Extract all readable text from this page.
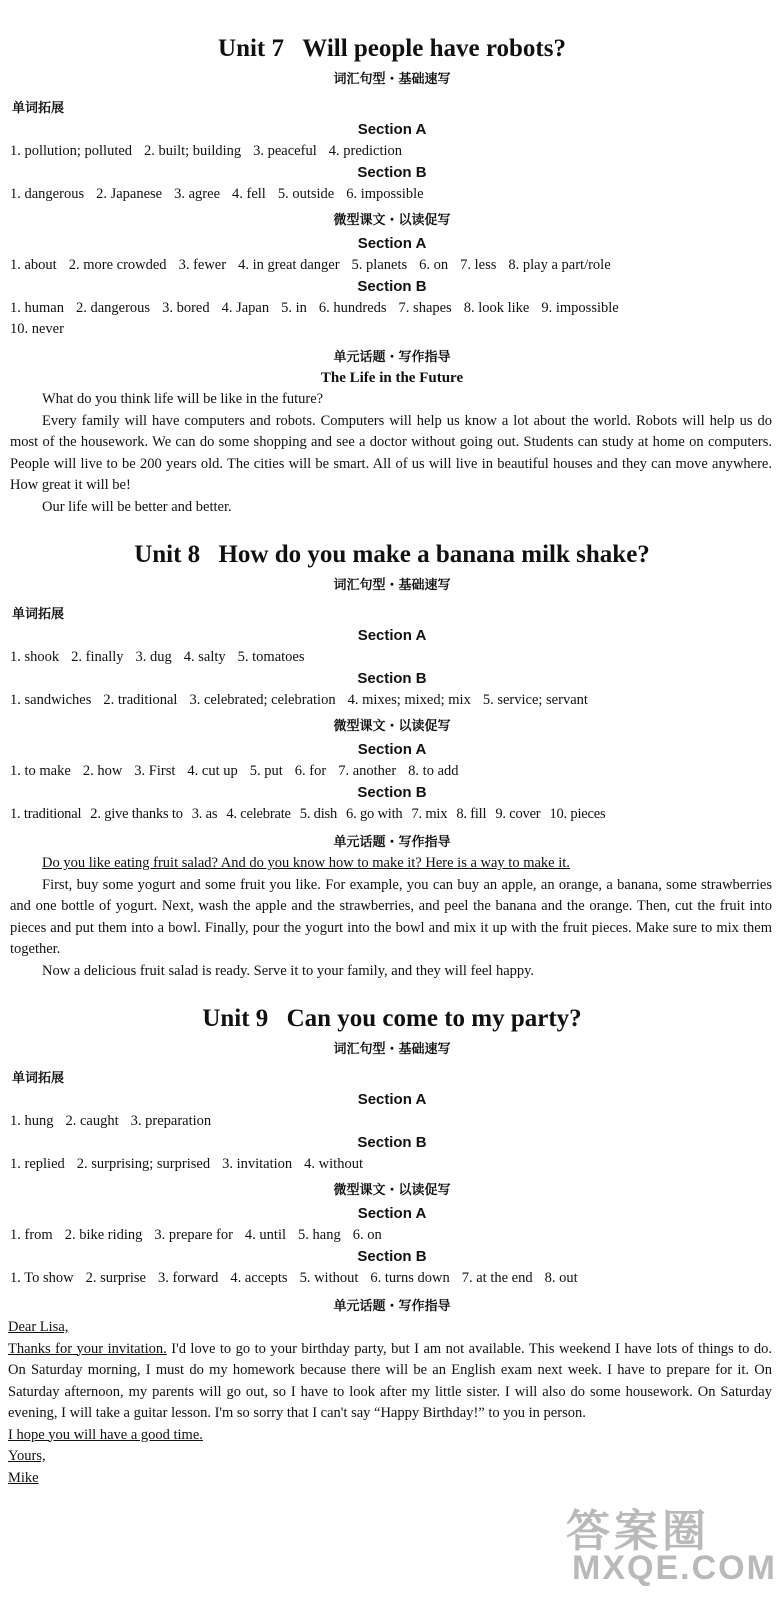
Unit 7 Will people have robots?
词汇句型・基础速写
单词拓展
Section A
1. pollution; polluted 2. built; building 3. peaceful 4. prediction
Section B
1. dangerous 2. Japanese 3. agree 4. fell 5. outside 6. impossible
微型课文・以读促写
Section A
1. about 2. more crowded 3. fewer 4. in great danger 5. planets 6. on 7. less 8. play a part/role
Section B
1. human 2. dangerous 3. bored 4. Japan 5. in 6. hundreds 7. shapes 8. look like 9. impossible
10. never
单元话题・写作指导
The Life in the Future
What do you think life will be like in the future?
Every family will have computers and robots. Computers will help us know a lot about the world. Robots will help us do most of the housework. We can do some shopping and see a doctor without going out. Students can study at home on computers. People will live to be 200 years old. The cities will be smart. All of us will live in beautiful houses and they can move anywhere. How great it will be!
Our life will be better and better.
Unit 8 How do you make a banana milk shake?
词汇句型・基础速写
单词拓展
Section A
1. shook 2. finally 3. dug 4. salty 5. tomatoes
Section B
1. sandwiches 2. traditional 3. celebrated; celebration 4. mixes; mixed; mix 5. service; servant
微型课文・以读促写
Section A
1. to make 2. how 3. First 4. cut up 5. put 6. for 7. another 8. to add
Section B
1. traditional 2. give thanks to 3. as 4. celebrate 5. dish 6. go with 7. mix 8. fill 9. cover 10. pieces
单元话题・写作指导
Do you like eating fruit salad? And do you know how to make it? Here is a way to make it.
First, buy some yogurt and some fruit you like. For example, you can buy an apple, an orange, a banana, some strawberries and one bottle of yogurt. Next, wash the apple and the strawberries, and peel the banana and the orange. Then, cut the fruit into pieces and put them into a bowl. Finally, pour the yogurt into the bowl and mix it up with the fruit pieces. Make sure to mix them together.
Now a delicious fruit salad is ready. Serve it to your family, and they will feel happy.
Unit 9 Can you come to my party?
词汇句型・基础速写
单词拓展
Section A
1. hung 2. caught 3. preparation
Section B
1. replied 2. surprising; surprised 3. invitation 4. without
微型课文・以读促写
Section A
1. from 2. bike riding 3. prepare for 4. until 5. hang 6. on
Section B
1. To show 2. surprise 3. forward 4. accepts 5. without 6. turns down 7. at the end 8. out
单元话题・写作指导
Dear Lisa,
Thanks for your invitation. I'd love to go to your birthday party, but I am not available. This weekend I have lots of things to do. On Saturday morning, I must do my homework because there will be an English exam next week. I have to prepare for it. On Saturday afternoon, my parents will go out, so I have to look after my little sister. I will also do some housework. On Saturday evening, I will take a guitar lesson. I'm so sorry that I can't say “Happy Birthday!” to you in person.
I hope you will have a good time.
Yours,
Mike
答案圈
MXQE.COM
